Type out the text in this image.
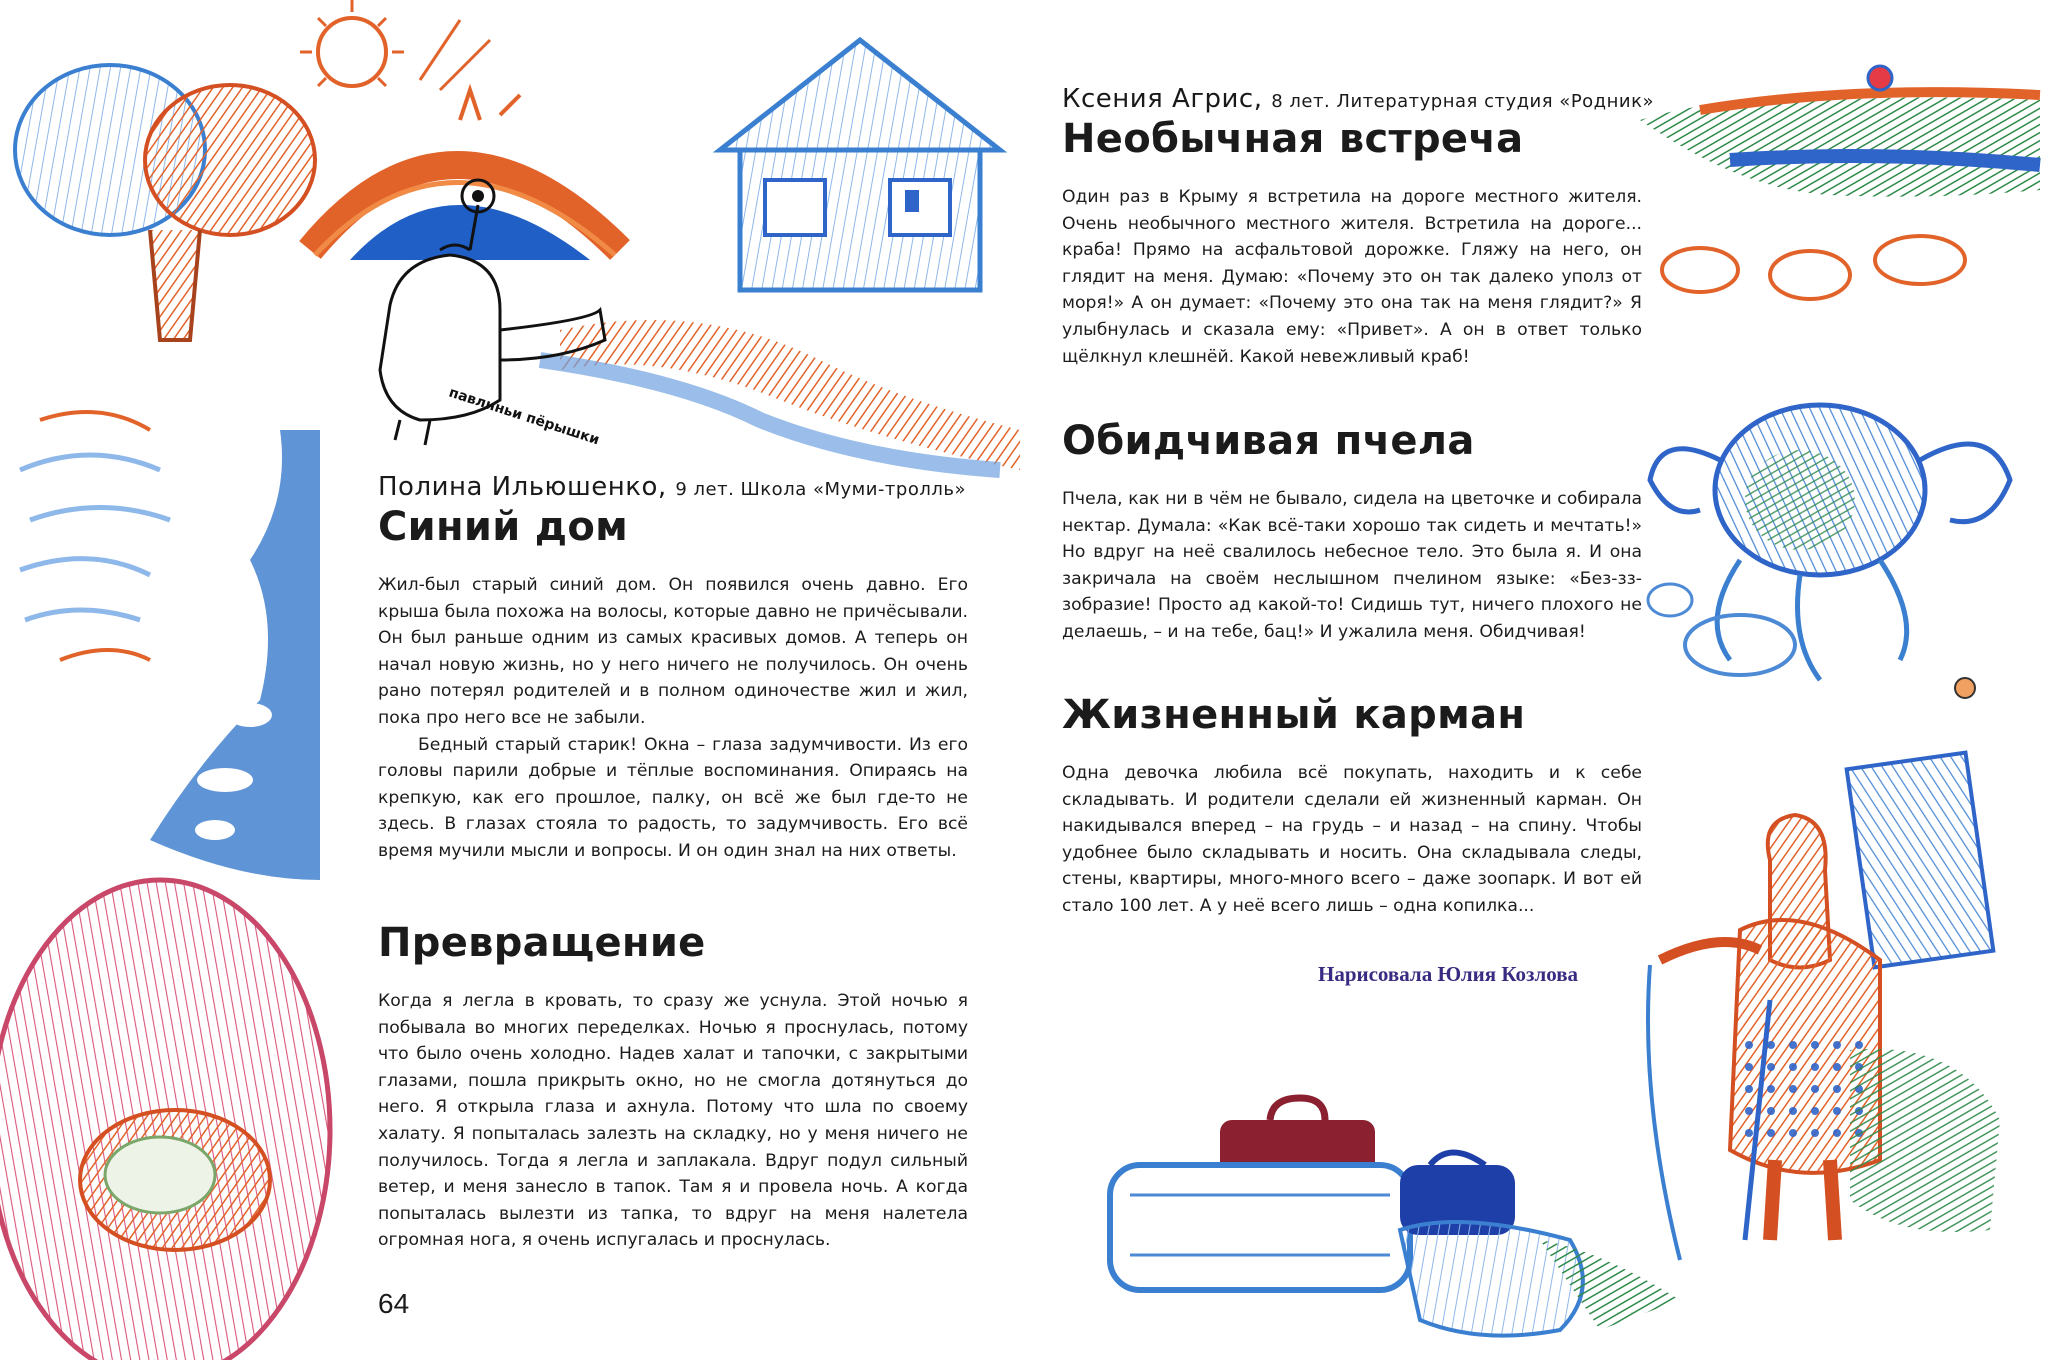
павлиньи пёрышки
Полина Ильюшенко, 9 лет. Школа «Муми-тролль»
Синий дом

Жил-был старый синий дом. Он появился очень давно. Его крыша была похожа на волосы, которые давно не причёсывали. Он был раньше одним из самых красивых домов. А теперь он начал новую жизнь, но у него ничего не получилось. Он очень рано потерял родителей и в полном одиночестве жил и жил, пока про него все не забыли.

Бедный старый старик! Окна – глаза задумчивости. Из его головы парили добрые и тёплые воспоминания. Опираясь на крепкую, как его прошлое, палку, он всё же был где-то не здесь. В глазах стояла то радость, то задумчивость. Его всё время мучили мысли и вопросы. И он один знал на них ответы.

Превращение

Когда я легла в кровать, то сразу же уснула. Этой ночью я побывала во многих переделках. Ночью я проснулась, потому что было очень холодно. Надев халат и тапочки, с закрытыми глазами, пошла прикрыть окно, но не смогла дотянуться до него. Я открыла глаза и ахнула. Потому что шла по своему халату. Я попыталась залезть на складку, но у меня ничего не получилось. Тогда я легла и заплакала. Вдруг подул сильный ветер, и меня занесло в тапок. Там я и провела ночь. А когда попыталась вылезти из тапка, то вдруг на меня налетела огромная нога, я очень испугалась и проснулась.

64
Ксения Агрис, 8 лет. Литературная студия «Родник»
Необычная встреча

Один раз в Крыму я встретила на дороге местного жителя. Очень необычного местного жителя. Встретила на дороге... краба! Прямо на асфальтовой дорожке. Гляжу на него, он глядит на меня. Думаю: «Почему это он так далеко уполз от моря!» А он думает: «Почему это она так на меня глядит?» Я улыбнулась и сказала ему: «Привет». А он в ответ только щёлкнул клешнёй. Какой невежливый краб!

Обидчивая пчела

Пчела, как ни в чём не бывало, сидела на цветочке и собирала нектар. Думала: «Как всё-таки хорошо так сидеть и мечтать!» Но вдруг на неё свалилось небесное тело. Это была я. И она закричала на своём неслышном пчелином языке: «Без-зз-зобразие! Просто ад какой-то! Сидишь тут, ничего плохого не делаешь, – и на тебе, бац!» И ужалила меня. Обидчивая!

Жизненный карман

Одна девочка любила всё покупать, находить и к себе складывать. И родители сделали ей жизненный карман. Он накидывался вперед – на грудь – и назад – на спину. Чтобы удобнее было складывать и носить. Она складывала следы, стены, квартиры, много-много всего – даже зоопарк. И вот ей стало 100 лет. А у неё всего лишь – одна копилка...

Нарисовала Юлия Козлова
